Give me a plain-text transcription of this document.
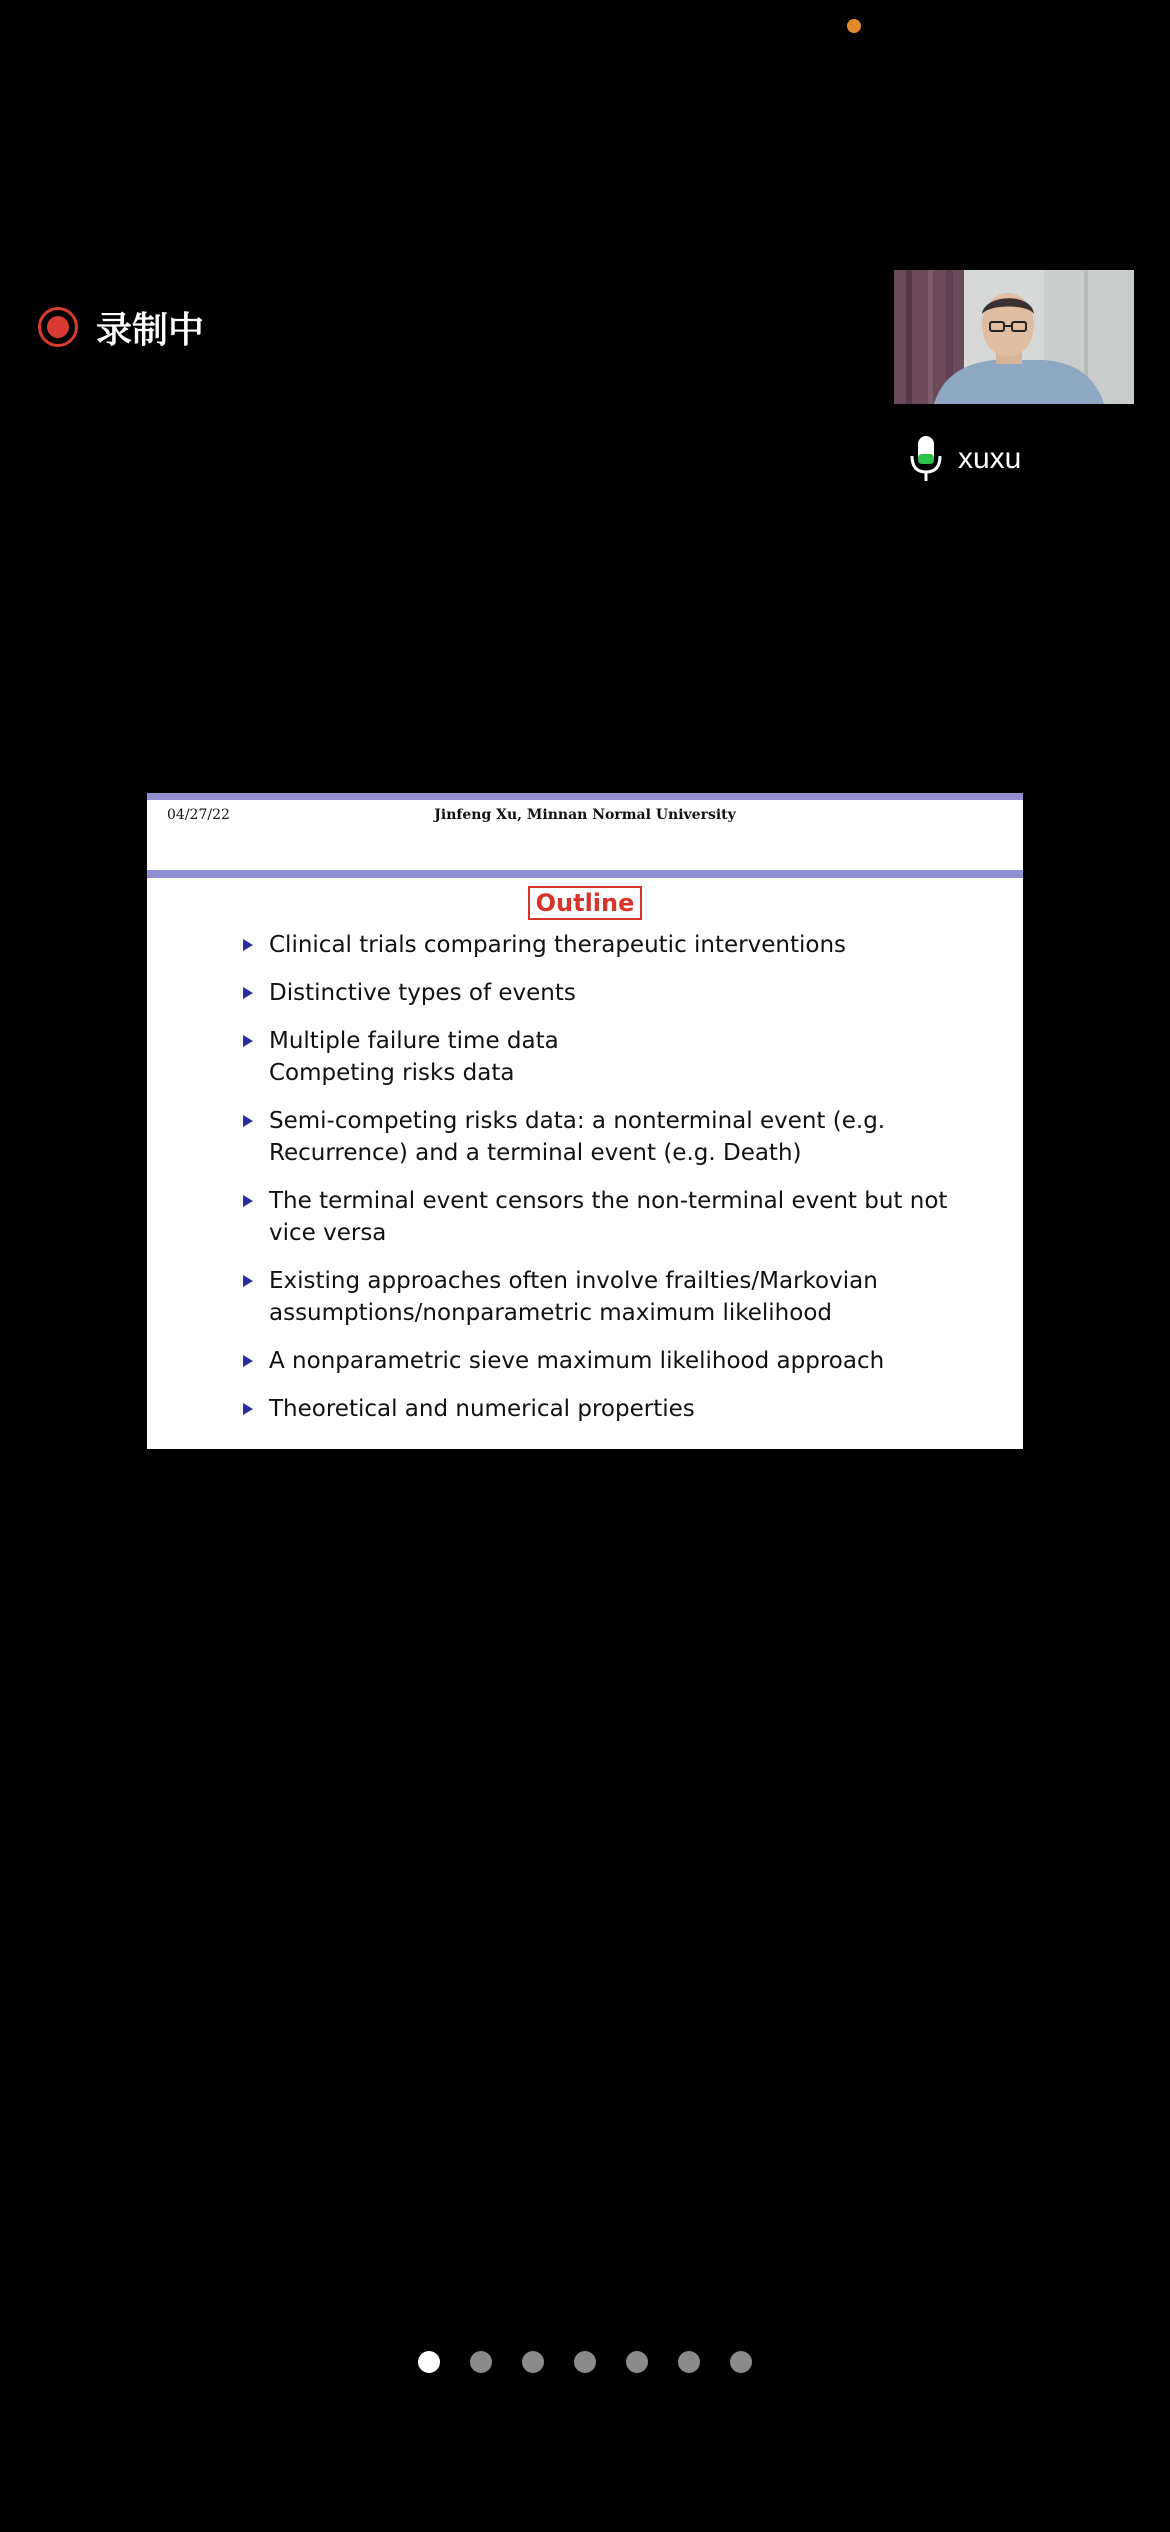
录制中
xuxu
04/27/22	Jinfeng Xu, Minnan Normal University
Outline
Clinical trials comparing therapeutic interventions
Distinctive types of events
Multiple failure time data
Competing risks data
Semi-competing risks data: a nonterminal event (e.g.
Recurrence) and a terminal event (e.g. Death)
The terminal event censors the non-terminal event but not
vice versa
Existing approaches often involve frailties/Markovian
assumptions/nonparametric maximum likelihood
A nonparametric sieve maximum likelihood approach
Theoretical and numerical properties
